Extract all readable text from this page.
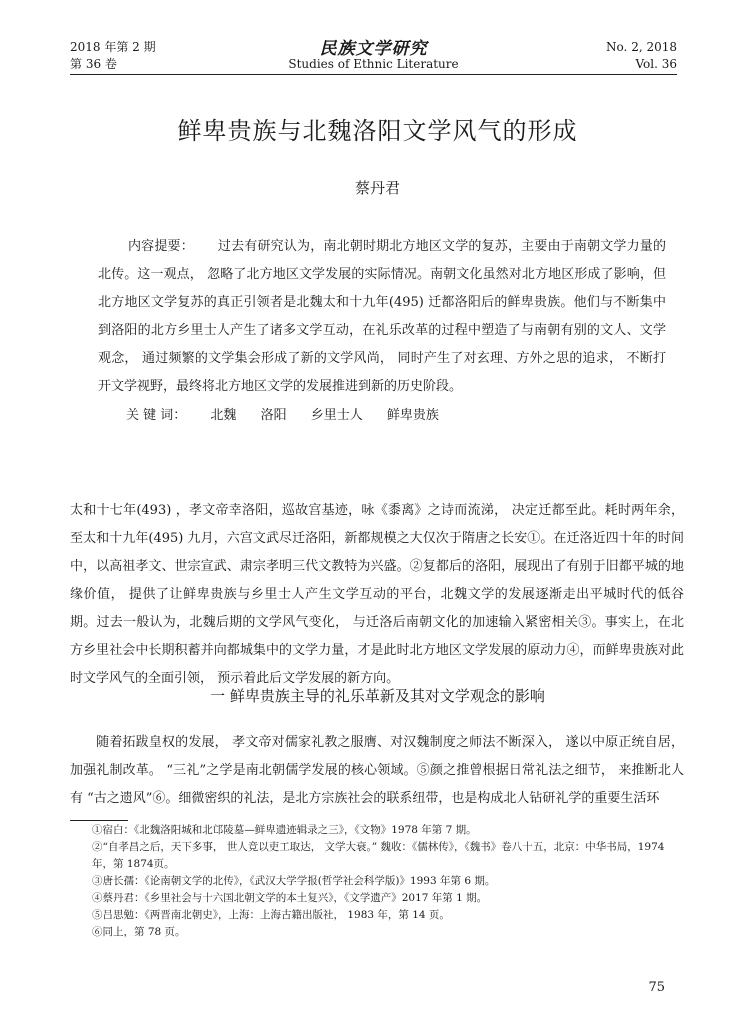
2018 年第 2 期
第 36 卷
民族文学研究
Studies of Ethnic Literature
No. 2, 2018
Vol. 36
鲜卑贵族与北魏洛阳文学风气的形成
蔡丹君
内容提要： 过去有研究认为，南北朝时期北方地区文学的复苏，主要由于南朝文学力量的北传。这一观点， 忽略了北方地区文学发展的实际情况。南朝文化虽然对北方地区形成了影响，但北方地区文学复苏的真正引领者是北魏太和十九年(495) 迁都洛阳后的鲜卑贵族。他们与不断集中到洛阳的北方乡里士人产生了诸多文学互动，在礼乐改革的过程中塑造了与南朝有别的文人、文学观念， 通过频繁的文学集会形成了新的文学风尚， 同时产生了对玄理、方外之思的追求， 不断打开文学视野，最终将北方地区文学的发展推进到新的历史阶段。
关 键 词： 北魏 洛阳 乡里士人 鲜卑贵族
太和十七年(493) ，孝文帝幸洛阳，巡故宫基迹，咏《黍离》之诗而流涕， 决定迁都至此。耗时两年余，至太和十九年(495) 九月，六宫文武尽迁洛阳，新都规模之大仅次于隋唐之长安①。在迁洛近四十年的时间中，以高祖孝文、世宗宣武、肃宗孝明三代文教特为兴盛。②复都后的洛阳，展现出了有别于旧都平城的地缘价值， 提供了让鲜卑贵族与乡里士人产生文学互动的平台，北魏文学的发展逐渐走出平城时代的低谷期。过去一般认为，北魏后期的文学风气变化， 与迁洛后南朝文化的加速输入紧密相关③。事实上，在北方乡里社会中长期积蓄并向都城集中的文学力量，才是此时北方地区文学发展的原动力④，而鲜卑贵族对此时文学风气的全面引领， 预示着此后文学发展的新方向。
一 鲜卑贵族主导的礼乐革新及其对文学观念的影响
随着拓跋皇权的发展， 孝文帝对儒家礼教之服膺、对汉魏制度之师法不断深入， 遂以中原正统自居，加强礼制改革。 “三礼”之学是南北朝儒学发展的核心领域。⑤颜之推曾根据日常礼法之细节， 来推断北人有 “古之遗风”⑥。细微密织的礼法，是北方宗族社会的联系纽带，也是构成北人钻研礼学的重要生活环

①宿白：《北魏洛阳城和北邙陵墓—鲜卑遗迹辑录之三》，《文物》1978 年第 7 期。

②“自孝昌之后，天下多事， 世人竞以吏工取达， 文学大衰。” 魏收：《儒林传》，《魏书》卷八十五，北京：中华书局，1974 年，第 1874页。

③唐长孺：《论南朝文学的北传》，《武汉大学学报(哲学社会科学版)》1993 年第 6 期。

④蔡丹君：《乡里社会与十六国北朝文学的本土复兴》，《文学遗产》2017 年第 1 期。

⑤吕思勉：《两晋南北朝史》，上海：上海古籍出版社， 1983 年，第 14 页。

⑥同上，第 78 页。

75
